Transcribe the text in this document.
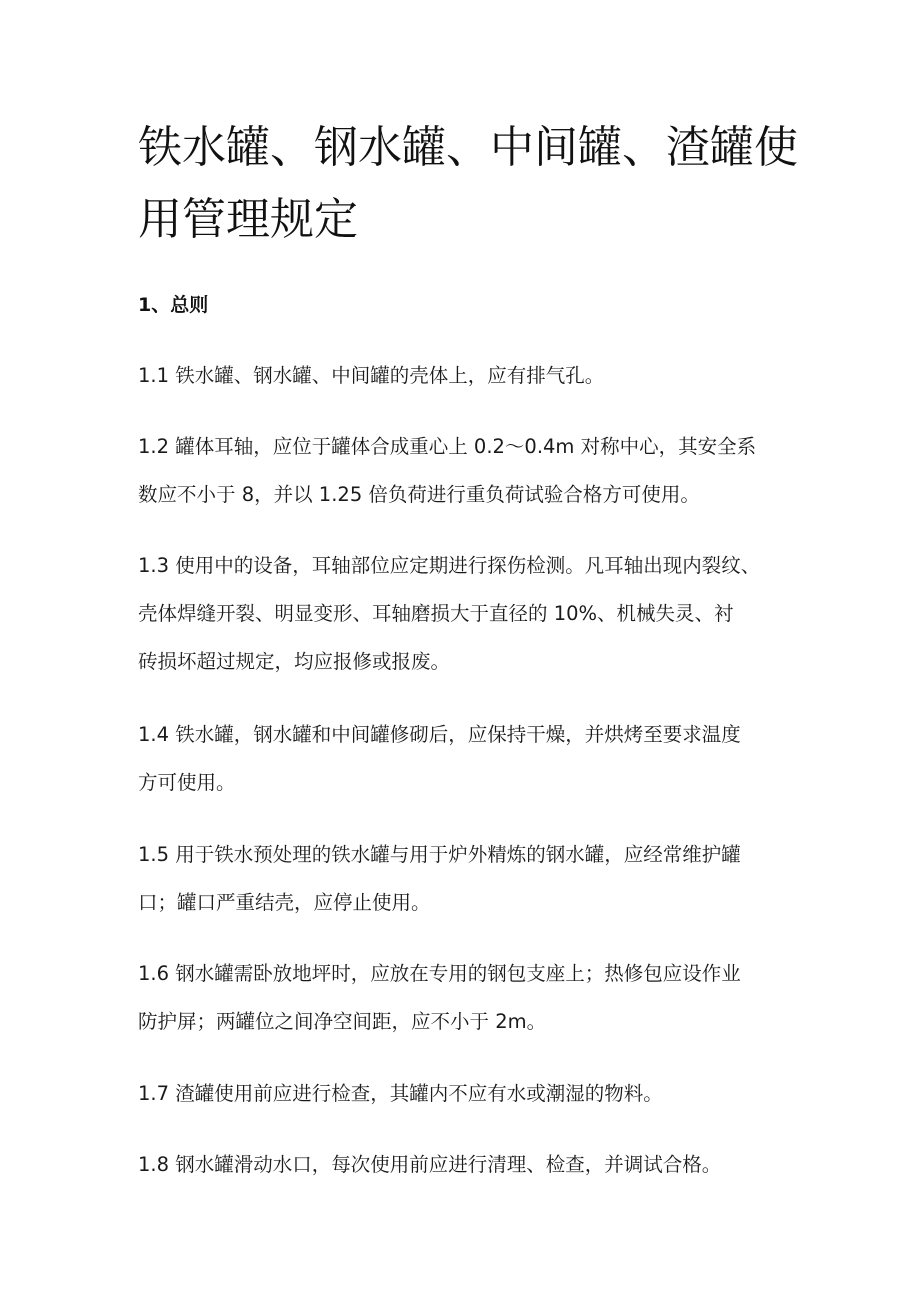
铁水罐、钢水罐、中间罐、渣罐使
用管理规定
1、总则

1.1 铁水罐、钢水罐、中间罐的壳体上，应有排气孔。

1.2 罐体耳轴，应位于罐体合成重心上 0.2～0.4m 对称中心，其安全系
数应不小于 8，并以 1.25 倍负荷进行重负荷试验合格方可使用。

1.3 使用中的设备，耳轴部位应定期进行探伤检测。凡耳轴出现内裂纹、
壳体焊缝开裂、明显变形、耳轴磨损大于直径的 10%、机械失灵、衬
砖损坏超过规定，均应报修或报废。

1.4 铁水罐，钢水罐和中间罐修砌后，应保持干燥，并烘烤至要求温度
方可使用。

1.5 用于铁水预处理的铁水罐与用于炉外精炼的钢水罐，应经常维护罐
口；罐口严重结壳，应停止使用。

1.6 钢水罐需卧放地坪时，应放在专用的钢包支座上；热修包应设作业
防护屏；两罐位之间净空间距，应不小于 2m。

1.7 渣罐使用前应进行检查，其罐内不应有水或潮湿的物料。

1.8 钢水罐滑动水口，每次使用前应进行清理、检查，并调试合格。
